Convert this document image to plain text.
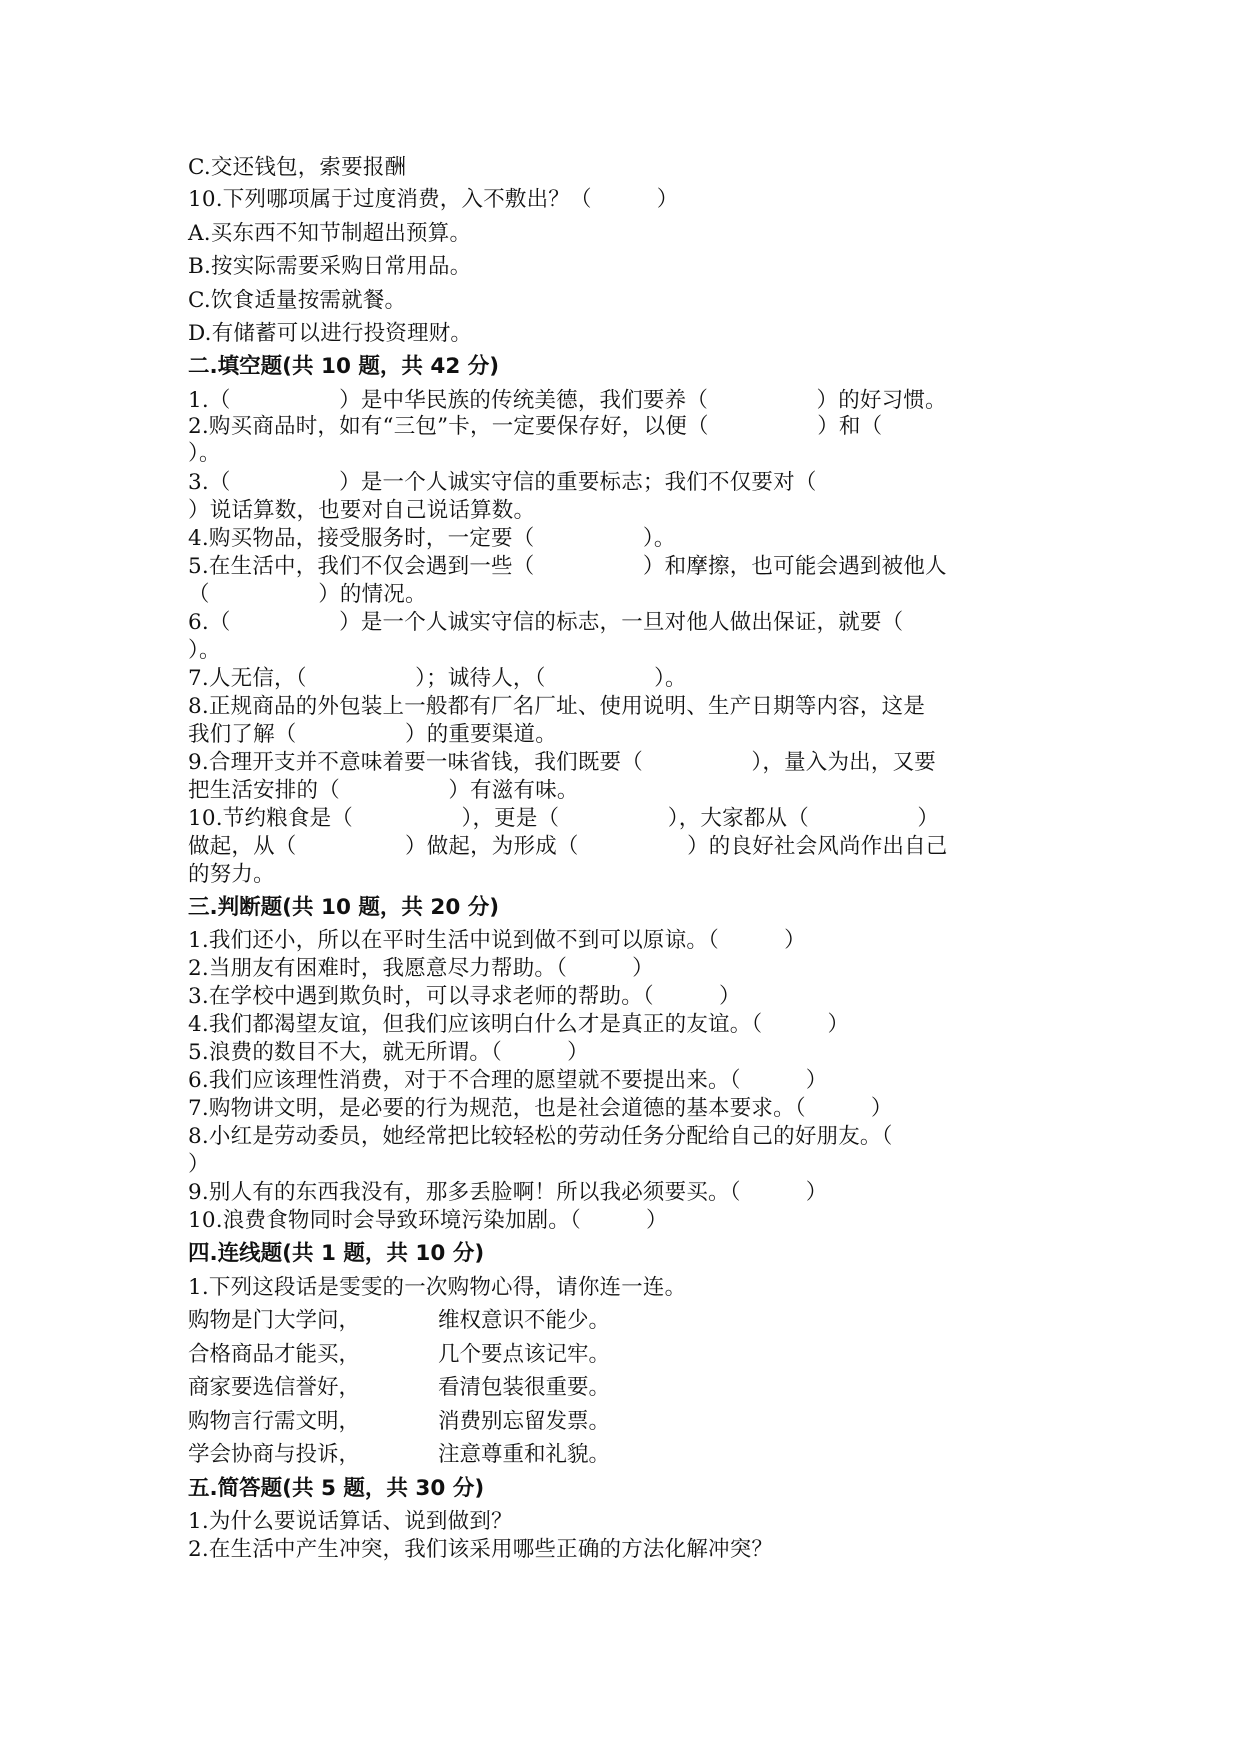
C.交还钱包，索要报酬
10.下列哪项属于过度消费，入不敷出？（　　　）
A.买东西不知节制超出预算。
B.按实际需要采购日常用品。
C.饮食适量按需就餐。
D.有储蓄可以进行投资理财。
二.填空题(共 10 题，共 42 分)
1.（　　　　　）是中华民族的传统美德，我们要养（　　　　　）的好习惯。
2.购买商品时，如有“三包”卡，一定要保存好，以便（　　　　　）和（
）。
3.（　　　　　）是一个人诚实守信的重要标志；我们不仅要对（
）说话算数，也要对自己说话算数。
4.购买物品，接受服务时，一定要（　　　　　）。
5.在生活中，我们不仅会遇到一些（　　　　　）和摩擦，也可能会遇到被他人
（　　　　　）的情况。
6.（　　　　　）是一个人诚实守信的标志，一旦对他人做出保证，就要（
）。
7.人无信，（　　　　　）；诚待人，（　　　　　）。
8.正规商品的外包装上一般都有厂名厂址、使用说明、生产日期等内容，这是
我们了解（　　　　　）的重要渠道。
9.合理开支并不意味着要一味省钱，我们既要（　　　　　），量入为出，又要
把生活安排的（　　　　　）有滋有味。
10.节约粮食是（　　　　　），更是（　　　　　），大家都从（　　　　　）
做起，从（　　　　　）做起，为形成（　　　　　）的良好社会风尚作出自己
的努力。
三.判断题(共 10 题，共 20 分)
1.我们还小，所以在平时生活中说到做不到可以原谅。（　　　）
2.当朋友有困难时，我愿意尽力帮助。（　　　）
3.在学校中遇到欺负时，可以寻求老师的帮助。（　　　）
4.我们都渴望友谊，但我们应该明白什么才是真正的友谊。（　　　）
5.浪费的数目不大，就无所谓。（　　　）
6.我们应该理性消费，对于不合理的愿望就不要提出来。（　　　）
7.购物讲文明，是必要的行为规范，也是社会道德的基本要求。（　　　）
8.小红是劳动委员，她经常把比较轻松的劳动任务分配给自己的好朋友。（
）
9.别人有的东西我没有，那多丢脸啊！所以我必须要买。（　　　）
10.浪费食物同时会导致环境污染加剧。（　　　）
四.连线题(共 1 题，共 10 分)
1.下列这段话是雯雯的一次购物心得，请你连一连。
购物是门大学问，	维权意识不能少。
合格商品才能买，	几个要点该记牢。
商家要选信誉好，	看清包装很重要。
购物言行需文明，	消费别忘留发票。
学会协商与投诉，	注意尊重和礼貌。
五.简答题(共 5 题，共 30 分)
1.为什么要说话算话、说到做到？
2.在生活中产生冲突，我们该采用哪些正确的方法化解冲突？
